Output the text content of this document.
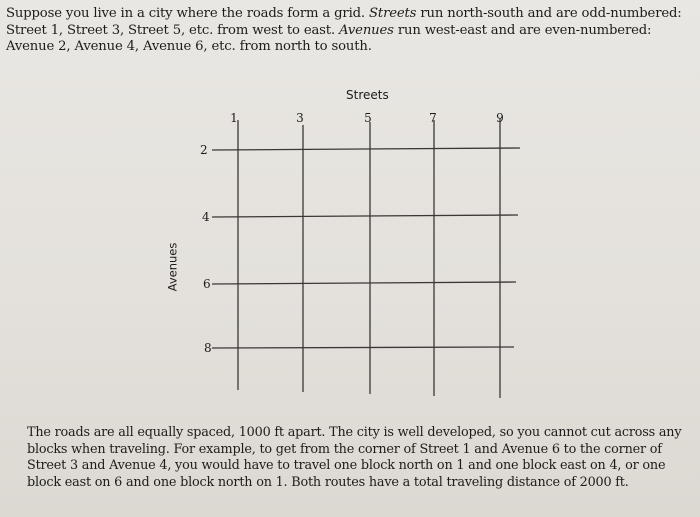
Suppose you live in a city where the roads form a grid. Streets run north-south and are odd-numbered: Street 1, Street 3, Street 5, etc. from west to east. Avenues run west-east and are even-numbered: Avenue 2, Avenue 4, Avenue 6, etc. from north to south.

Streets

1	3	5	7	9
2
4
6
8

Avenues

The roads are all equally spaced, 1000 ft apart. The city is well developed, so you cannot cut across any blocks when traveling. For example, to get from the corner of Street 1 and Avenue 6 to the corner of Street 3 and Avenue 4, you would have to travel one block north on 1 and one block east on 4, or one block east on 6 and one block north on 1. Both routes have a total traveling distance of 2000 ft.
